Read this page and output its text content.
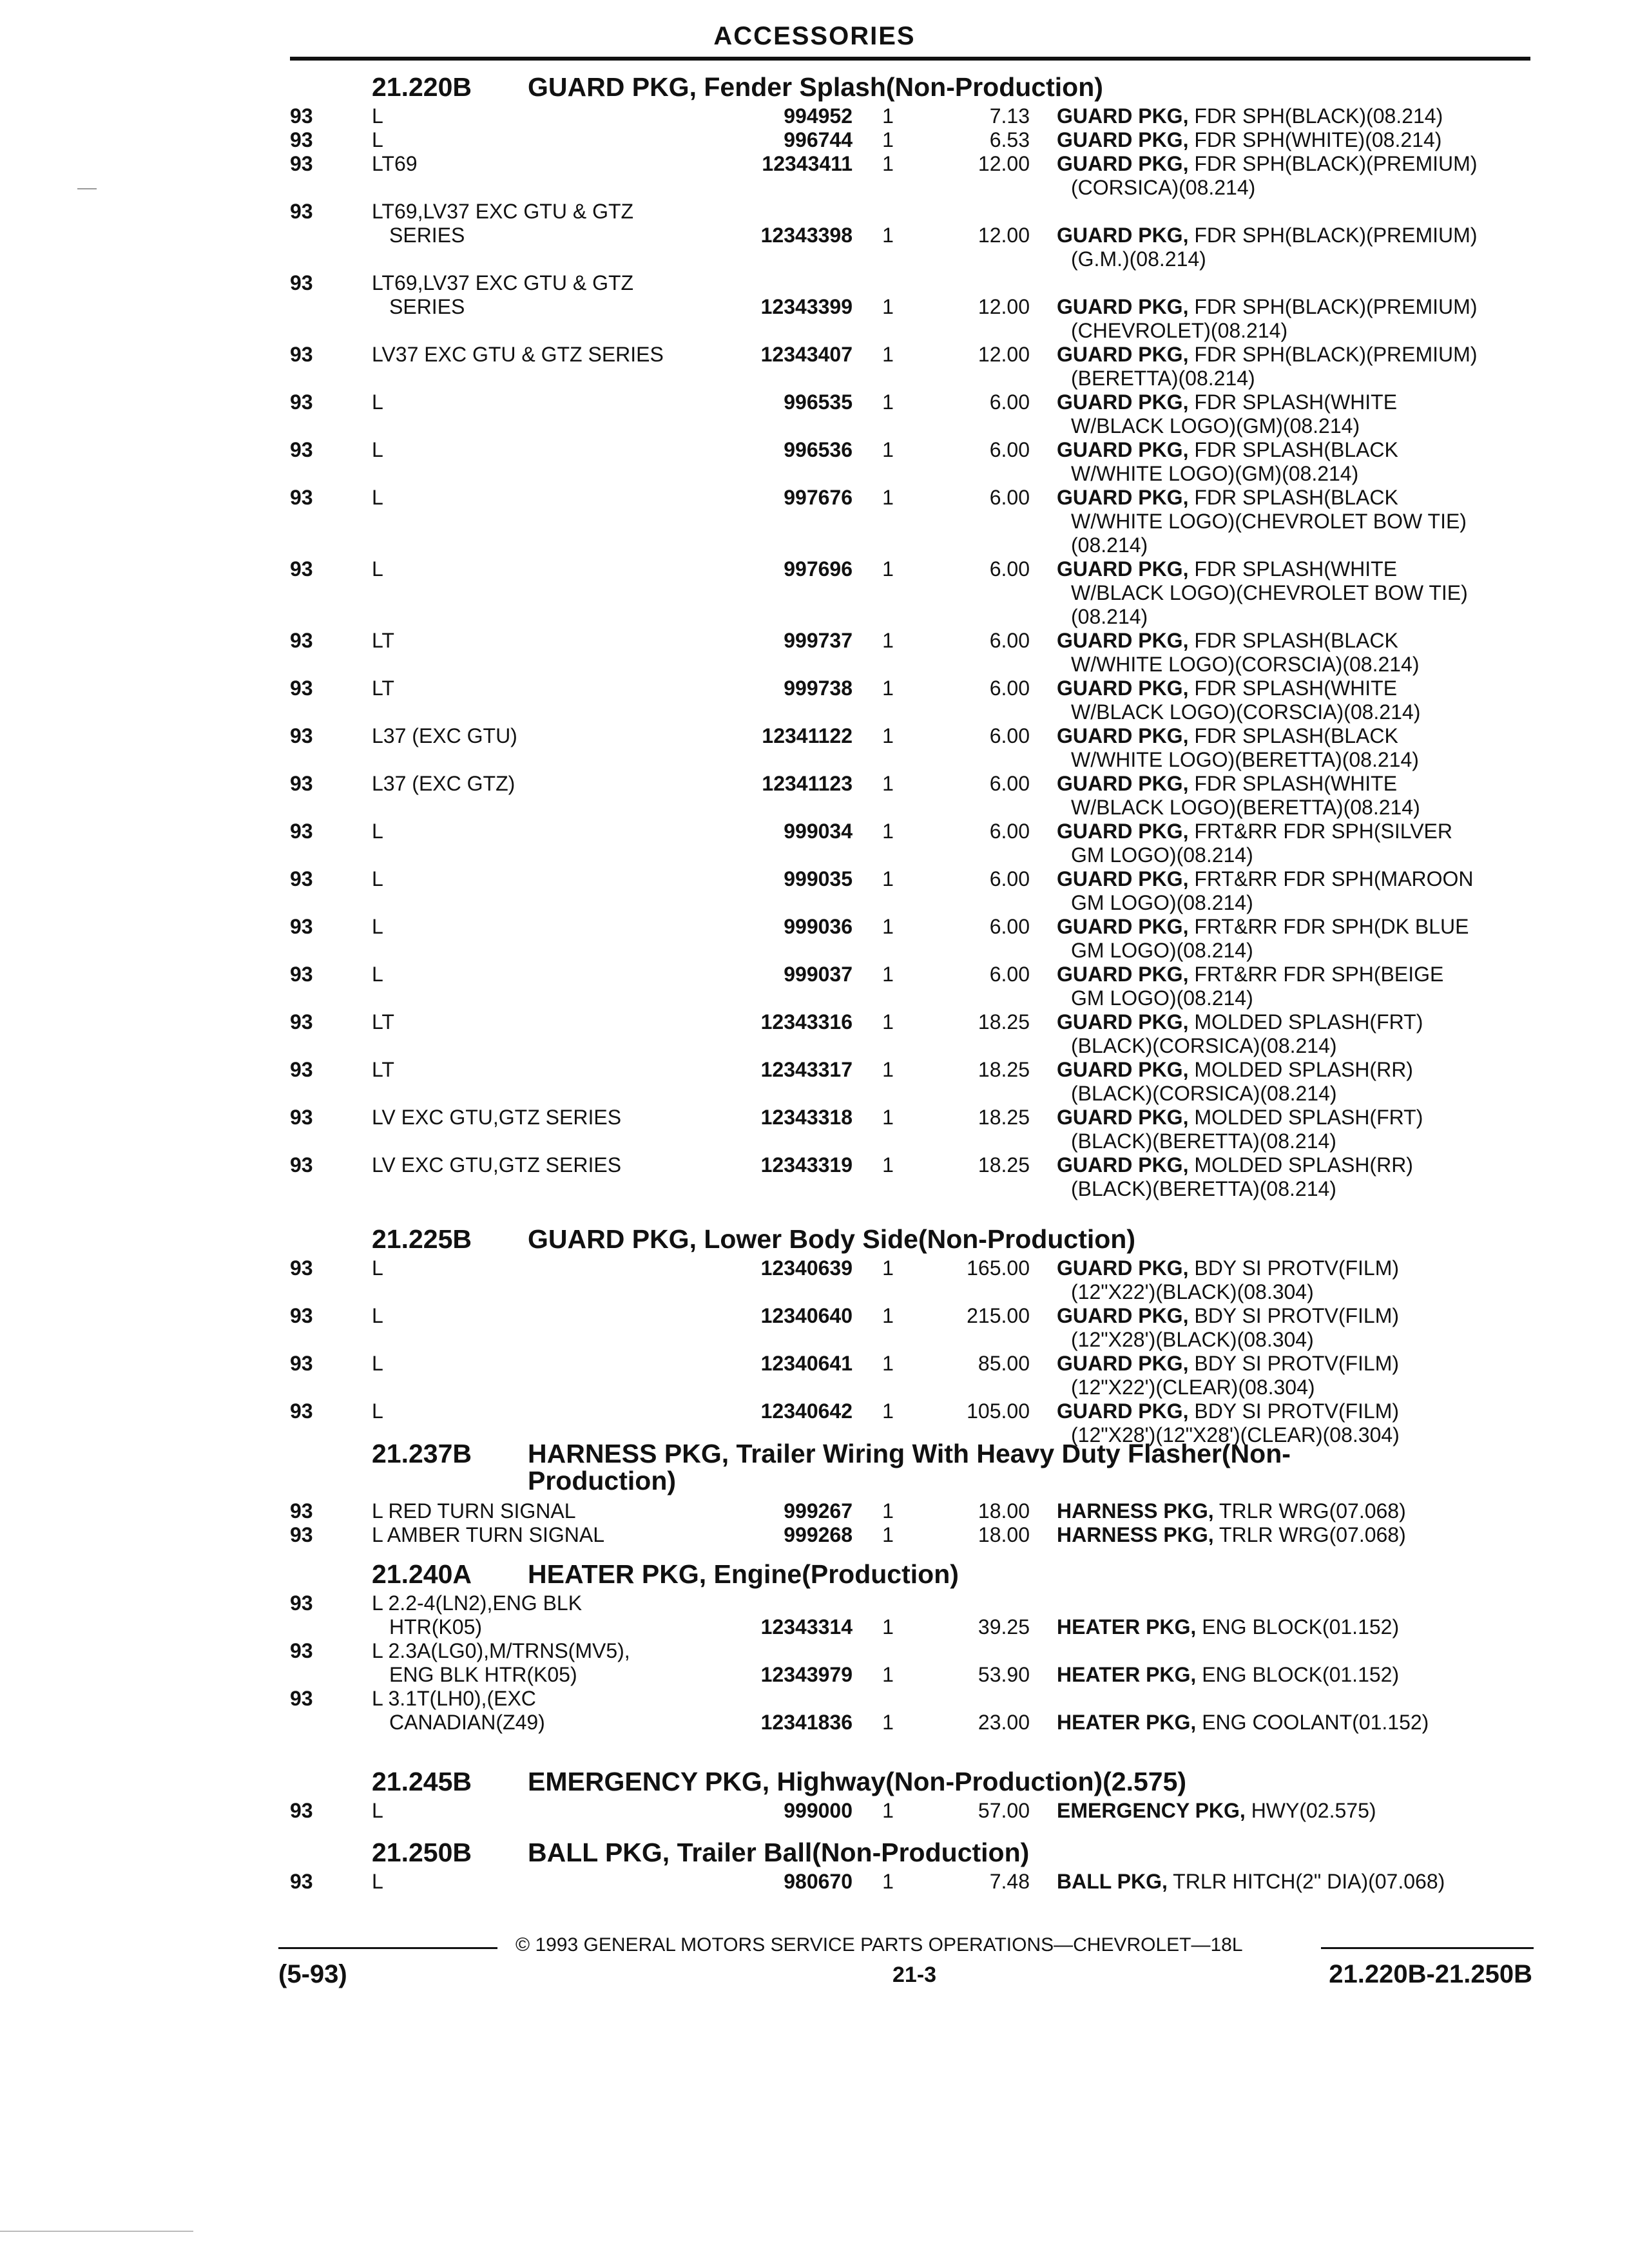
ACCESSORIES
21.220B GUARD PKG, Fender Splash(Non-Production)
93	L	994952 1	7.13 GUARD PKG, FDR SPH(BLACK)(08.214)
93	L	996744 1	6.53 GUARD PKG, FDR SPH(WHITE)(08.214)
93	LT69	12343411 1	12.00 GUARD PKG, FDR SPH(BLACK)(PREMIUM)
(CORSICA)(08.214)
93	LT69,LV37 EXC GTU & GTZ
SERIES	12343398 1	12.00 GUARD PKG, FDR SPH(BLACK)(PREMIUM)
(G.M.)(08.214)
93	LT69,LV37 EXC GTU & GTZ
SERIES	12343399 1	12.00 GUARD PKG, FDR SPH(BLACK)(PREMIUM)
(CHEVROLET)(08.214)
93	LV37 EXC GTU & GTZ SERIES	12343407 1	12.00 GUARD PKG, FDR SPH(BLACK)(PREMIUM)
(BERETTA)(08.214)
93	L	996535 1	6.00 GUARD PKG, FDR SPLASH(WHITE
W/BLACK LOGO)(GM)(08.214)
93	L	996536 1	6.00 GUARD PKG, FDR SPLASH(BLACK
W/WHITE LOGO)(GM)(08.214)
93	L	997676 1	6.00 GUARD PKG, FDR SPLASH(BLACK
W/WHITE LOGO)(CHEVROLET BOW TIE)
(08.214)
93	L	997696 1	6.00 GUARD PKG, FDR SPLASH(WHITE
W/BLACK LOGO)(CHEVROLET BOW TIE)
(08.214)
93	LT	999737 1	6.00 GUARD PKG, FDR SPLASH(BLACK
W/WHITE LOGO)(CORSCIA)(08.214)
93	LT	999738 1	6.00 GUARD PKG, FDR SPLASH(WHITE
W/BLACK LOGO)(CORSCIA)(08.214)
93	L37 (EXC GTU)	12341122 1	6.00 GUARD PKG, FDR SPLASH(BLACK
W/WHITE LOGO)(BERETTA)(08.214)
93	L37 (EXC GTZ)	12341123 1	6.00 GUARD PKG, FDR SPLASH(WHITE
W/BLACK LOGO)(BERETTA)(08.214)
93	L	999034 1	6.00 GUARD PKG, FRT&RR FDR SPH(SILVER
GM LOGO)(08.214)
93	L	999035 1	6.00 GUARD PKG, FRT&RR FDR SPH(MAROON
GM LOGO)(08.214)
93	L	999036 1	6.00 GUARD PKG, FRT&RR FDR SPH(DK BLUE
GM LOGO)(08.214)
93	L	999037 1	6.00 GUARD PKG, FRT&RR FDR SPH(BEIGE
GM LOGO)(08.214)
93	LT	12343316 1	18.25 GUARD PKG, MOLDED SPLASH(FRT)
(BLACK)(CORSICA)(08.214)
93	LT	12343317 1	18.25 GUARD PKG, MOLDED SPLASH(RR)
(BLACK)(CORSICA)(08.214)
93	LV EXC GTU,GTZ SERIES	12343318 1	18.25 GUARD PKG, MOLDED SPLASH(FRT)
(BLACK)(BERETTA)(08.214)
93	LV EXC GTU,GTZ SERIES	12343319 1	18.25 GUARD PKG, MOLDED SPLASH(RR)
(BLACK)(BERETTA)(08.214)
21.225B GUARD PKG, Lower Body Side(Non-Production)
93	L	12340639 1	165.00 GUARD PKG, BDY SI PROTV(FILM)
(12"X22')(BLACK)(08.304)
93	L	12340640 1	215.00 GUARD PKG, BDY SI PROTV(FILM)
(12"X28')(BLACK)(08.304)
93	L	12340641 1	85.00 GUARD PKG, BDY SI PROTV(FILM)
(12"X22')(CLEAR)(08.304)
93	L	12340642 1	105.00 GUARD PKG, BDY SI PROTV(FILM)
(12"X28')(12"X28')(CLEAR)(08.304)
21.237B HARNESS PKG, Trailer Wiring With Heavy Duty Flasher(Non-
Production)
93	L RED TURN SIGNAL	999267 1	18.00 HARNESS PKG, TRLR WRG(07.068)
93	L AMBER TURN SIGNAL	999268 1	18.00 HARNESS PKG, TRLR WRG(07.068)
21.240A HEATER PKG, Engine(Production)
93	L 2.2-4(LN2),ENG BLK
HTR(K05)	12343314 1	39.25 HEATER PKG, ENG BLOCK(01.152)
93	L 2.3A(LG0),M/TRNS(MV5),
ENG BLK HTR(K05)	12343979 1	53.90 HEATER PKG, ENG BLOCK(01.152)
93	L 3.1T(LH0),(EXC
CANADIAN(Z49)	12341836 1	23.00 HEATER PKG, ENG COOLANT(01.152)
21.245B EMERGENCY PKG, Highway(Non-Production)(2.575)
93	L	999000 1	57.00 EMERGENCY PKG, HWY(02.575)
21.250B BALL PKG, Trailer Ball(Non-Production)
93	L	980670 1	7.48 BALL PKG, TRLR HITCH(2" DIA)(07.068)
© 1993 GENERAL MOTORS SERVICE PARTS OPERATIONS—CHEVROLET—18L
(5-93)	21-3	21.220B-21.250B
